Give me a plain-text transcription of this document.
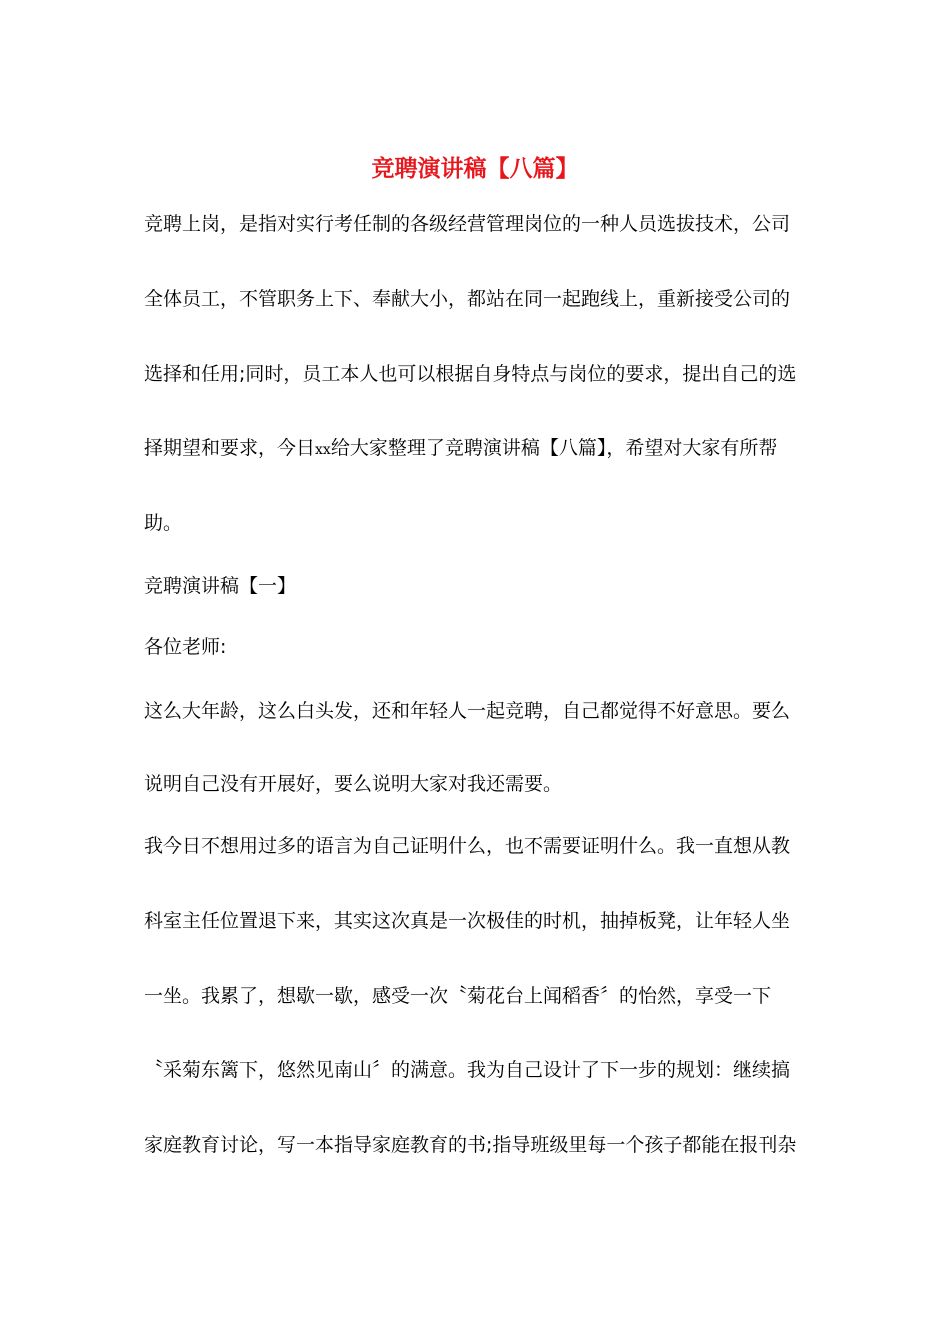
竞聘演讲稿【八篇】
竞聘上岗，是指对实行考任制的各级经营管理岗位的一种人员选拔技术，公司
全体员工，不管职务上下、奉献大小，都站在同一起跑线上，重新接受公司的
选择和任用;同时，员工本人也可以根据自身特点与岗位的要求，提出自己的选
择期望和要求，今日xx给大家整理了竞聘演讲稿【八篇】，希望对大家有所帮
助。
竞聘演讲稿【一】
各位老师:
这么大年龄，这么白头发，还和年轻人一起竞聘，自己都觉得不好意思。要么
说明自己没有开展好，要么说明大家对我还需要。
我今日不想用过多的语言为自己证明什么，也不需要证明什么。我一直想从教
科室主任位置退下来，其实这次真是一次极佳的时机，抽掉板凳，让年轻人坐
一坐。我累了，想歇一歇，感受一次〝菊花台上闻稻香〞的怡然，享受一下
〝采菊东篱下，悠然见南山〞的满意。我为自己设计了下一步的规划：继续搞
家庭教育讨论，写一本指导家庭教育的书;指导班级里每一个孩子都能在报刊杂
